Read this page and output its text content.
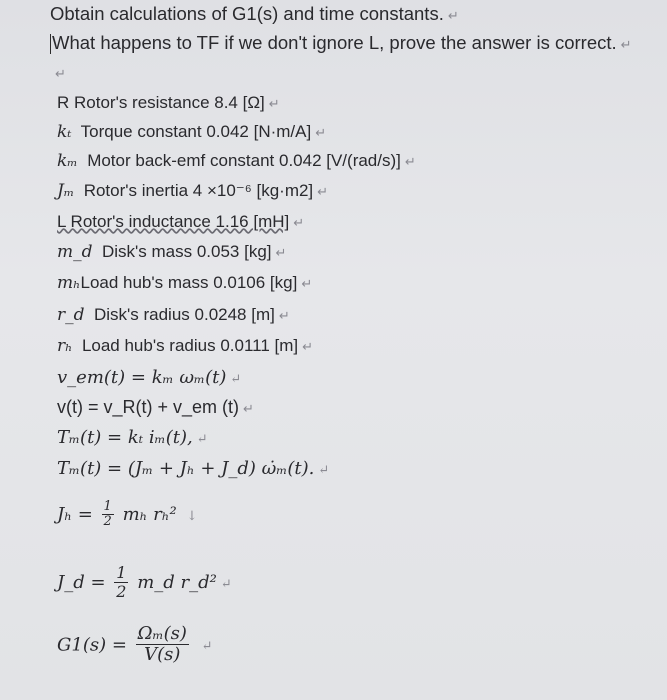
Obtain calculations of G1(s) and time constants. ↵
What happens to TF if we don't ignore L, prove the answer is correct. ↵
↵
R Rotor's resistance 8.4 [Ω] ↵
kₜ Torque constant 0.042 [N·m/A] ↵
kₘ Motor back-emf constant 0.042 [V/(rad/s)] ↵
Jₘ Rotor's inertia 4 ×10⁻⁶ [kg·m2] ↵
L Rotor's inductance 1.16 [mH] ↵
m_d Disk's mass 0.053 [kg] ↵
mₕLoad hub's mass 0.0106 [kg] ↵
r_d Disk's radius 0.0248 [m] ↵
rₕ Load hub's radius 0.0111 [m] ↵
v_em(t) = kₘ ωₘ(t) ↵
v(t) = v_R(t) + v_em (t) ↵
Tₘ(t) = kₜ iₘ(t), ↵
Tₘ(t) = (Jₘ + Jₕ + J_d) ω̇ₘ(t). ↵
$J_h = \frac{1}{2}$ mₕ rₕ² ↓
J_d = $\frac{1}{2}$ m_d r_d² ↵
$G1(s) = \frac{\text{Ωₘ(s)}}{V(s)}$ ↵
